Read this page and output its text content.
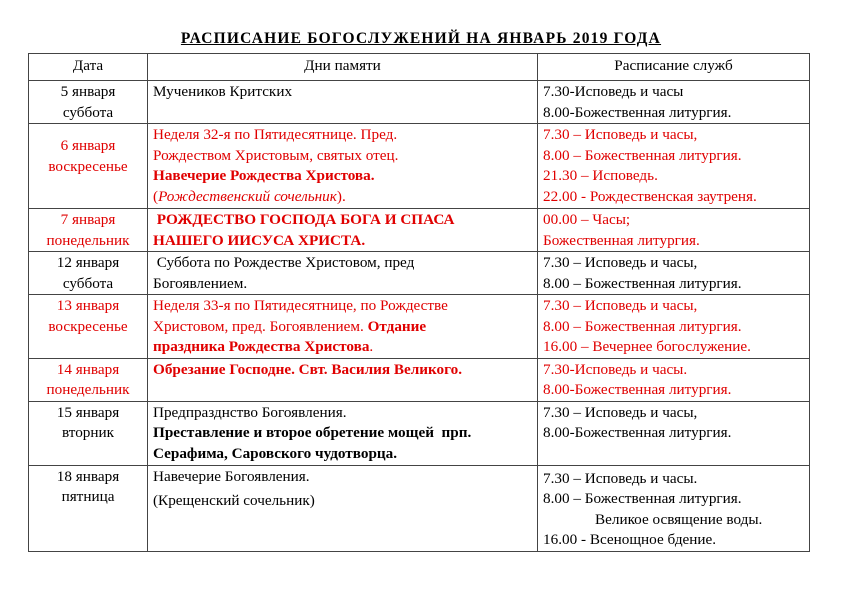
РАСПИСАНИЕ БОГОСЛУЖЕНИЙ НА ЯНВАРЬ 2019 ГОДА
Дата	Дни памяти	Расписание служб

5 января
суббота	Мучеников Критских	7.30-Исповедь и часы
8.00-Божественная литургия.

6 января
воскресенье	Неделя 32-я по Пятидесятнице. Пред.
Рождеством Христовым, святых отец.
Навечерие Рождества Христова.
(Рождественский сочельник).	7.30 – Исповедь и часы,
8.00 – Божественная литургия.
21.30 – Исповедь.
22.00 - Рождественская заутреня.

7 января
понедельник	РОЖДЕСТВО ГОСПОДА БОГА И СПАСА
НАШЕГО ИИСУСА ХРИСТА.	00.00 – Часы;
Божественная литургия.

12 января
суббота	Суббота по Рождестве Христовом, пред
Богоявлением.	7.30 – Исповедь и часы,
8.00 – Божественная литургия.

13 января
воскресенье	Неделя 33-я по Пятидесятнице, по Рождестве
Христовом, пред. Богоявлением. Отдание
праздника Рождества Христова.	7.30 – Исповедь и часы,
8.00 – Божественная литургия.
16.00 – Вечернее богослужение.

14 января
понедельник	Обрезание Господне. Свт. Василия Великого.	7.30-Исповедь и часы.
8.00-Божественная литургия.

15 января
вторник	Предпразднство Богоявления.
Преставление и второе обретение мощей  прп.
Серафима, Саровского чудотворца.	7.30 – Исповедь и часы,
8.00-Божественная литургия.

18 января
пятница	Навечерие Богоявления.
(Крещенский сочельник)	7.30 – Исповедь и часы.
8.00 – Божественная литургия.
Великое освящение воды.
16.00 - Всенощное бдение.
